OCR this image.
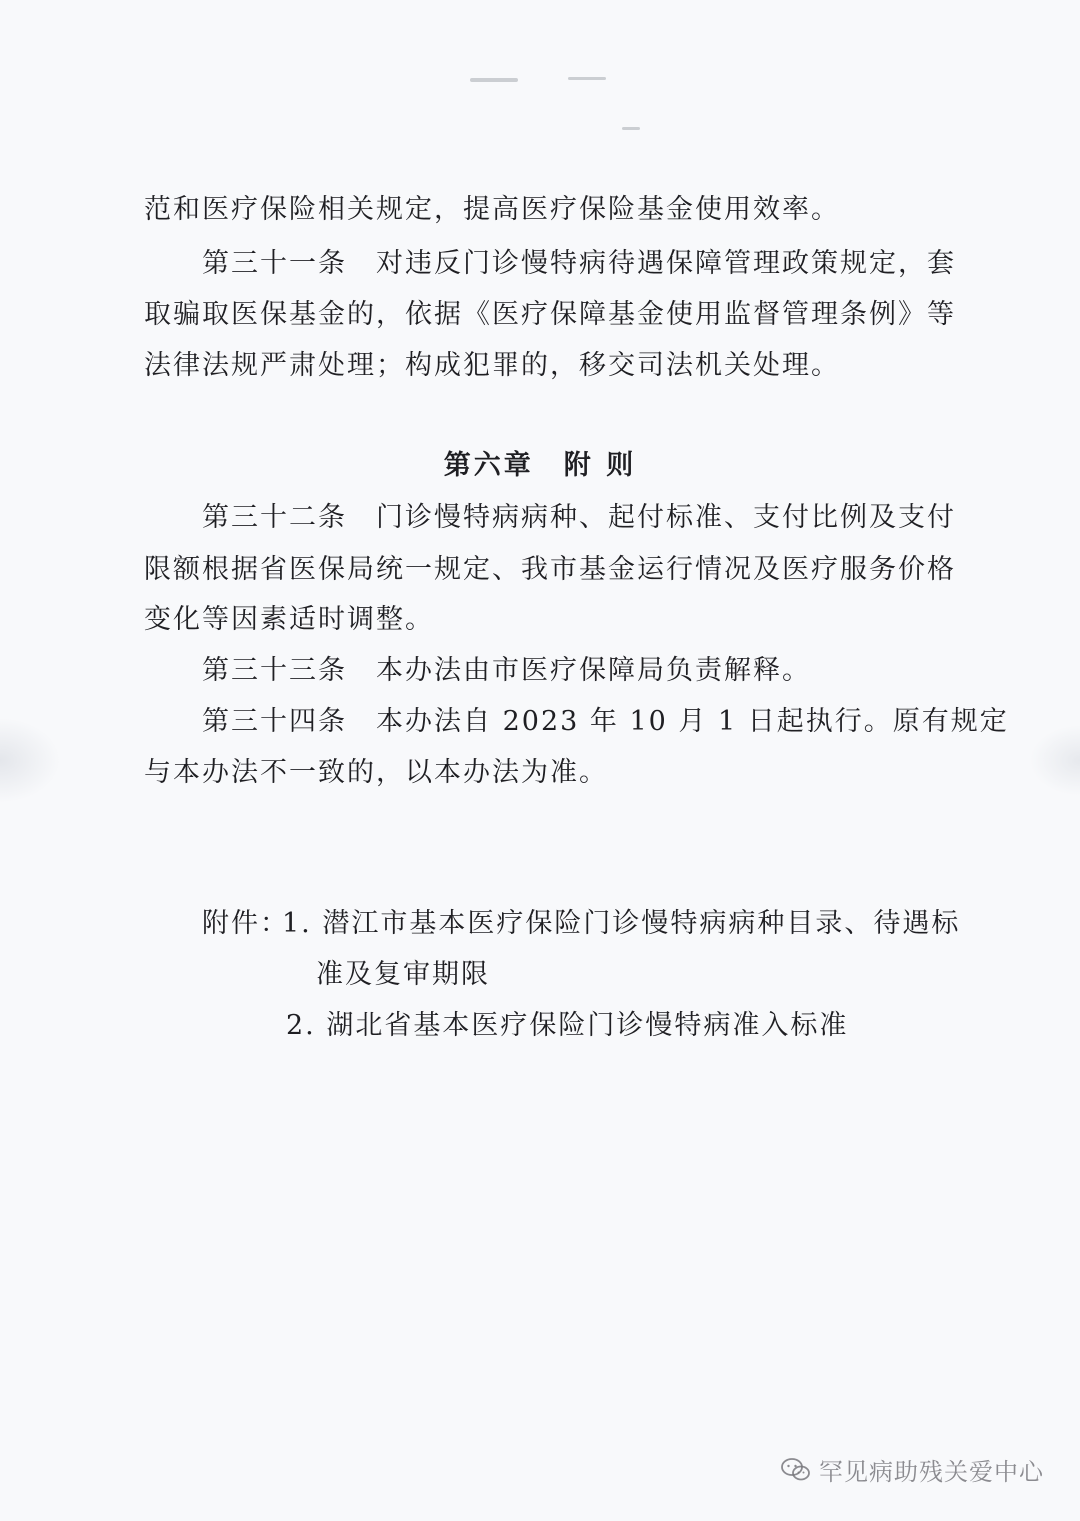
范和医疗保险相关规定，提高医疗保险基金使用效率。
第三十一条　对违反门诊慢特病待遇保障管理政策规定，套
取骗取医保基金的，依据《医疗保障基金使用监督管理条例》等
法律法规严肃处理；构成犯罪的，移交司法机关处理。
第六章　附 则
第三十二条　门诊慢特病病种、起付标准、支付比例及支付
限额根据省医保局统一规定、我市基金运行情况及医疗服务价格
变化等因素适时调整。
第三十三条　本办法由市医疗保障局负责解释。
第三十四条　本办法自 2023 年 10 月 1 日起执行。原有规定
与本办法不一致的，以本办法为准。
附件：
1. 潜江市基本医疗保险门诊慢特病病种目录、待遇标
准及复审期限
2. 湖北省基本医疗保险门诊慢特病准入标准
罕见病助残关爱中心
